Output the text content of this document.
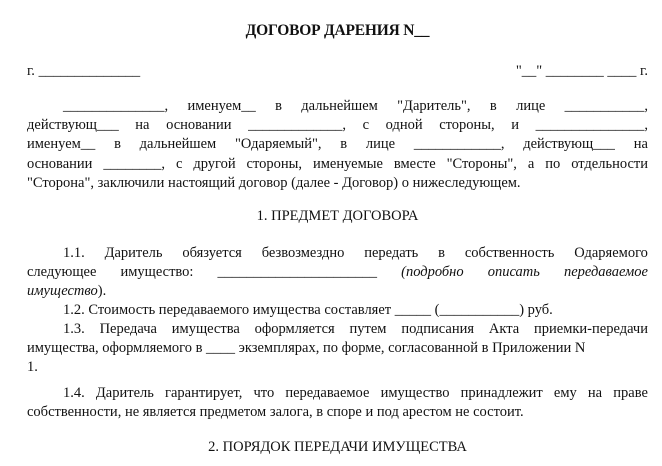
ДОГОВОР ДАРЕНИЯ N__
г. ______________	"__" ________ ____ г.
______________, именуем__ в дальнейшем "Даритель", в лице ___________,
действующ___ на основании _____________, с одной стороны, и _______________,
именуем__ в дальнейшем "Одаряемый", в лице ____________, действующ___ на
основании ________, с другой стороны, именуемые вместе "Стороны", а по отдельности
"Сторона", заключили настоящий договор (далее - Договор) о нижеследующем.
1. ПРЕДМЕТ ДОГОВОРА
1.1. Даритель обязуется безвозмездно передать в собственность Одаряемого
следующее имущество: ______________________ (подробно описать передаваемое
имущество).
1.2. Стоимость передаваемого имущества составляет _____ (___________) руб.
1.3. Передача имущества оформляется путем подписания Акта приемки-передачи
имущества, оформляемого в ____ экземплярах, по форме, согласованной в Приложении N
1.
1.4. Даритель гарантирует, что передаваемое имущество принадлежит ему на праве
собственности, не является предметом залога, в споре и под арестом не состоит.
2. ПОРЯДОК ПЕРЕДАЧИ ИМУЩЕСТВА
